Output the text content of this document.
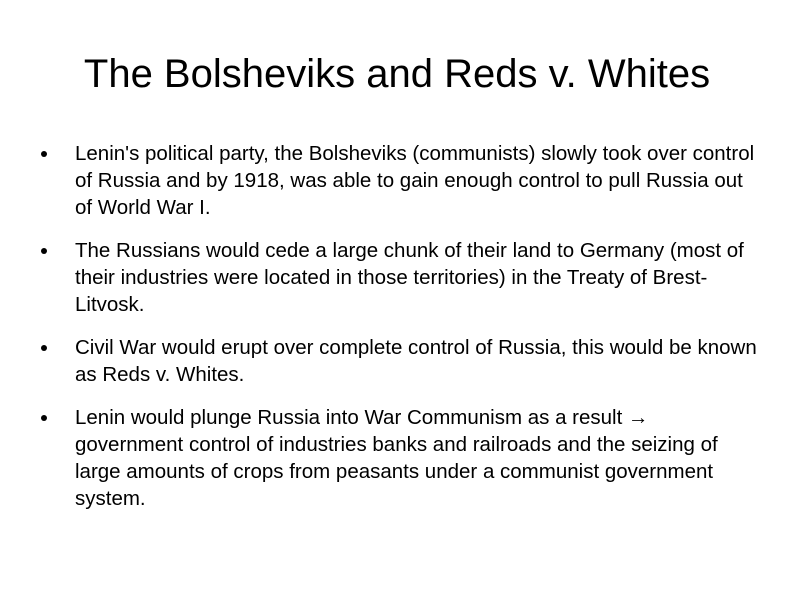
The Bolsheviks and Reds v. Whites
Lenin's political party, the Bolsheviks (communists) slowly took over control of Russia and by 1918, was able to gain enough control to pull Russia out of World War I.
The Russians would cede a large chunk of their land to Germany (most of their industries were located in those territories) in the Treaty of Brest-Litvosk.
Civil War would erupt over complete control of Russia, this would be known as Reds v. Whites.
Lenin would plunge Russia into War Communism as a result → government control of industries banks and railroads and the seizing of large amounts of crops from peasants under a communist government system.
